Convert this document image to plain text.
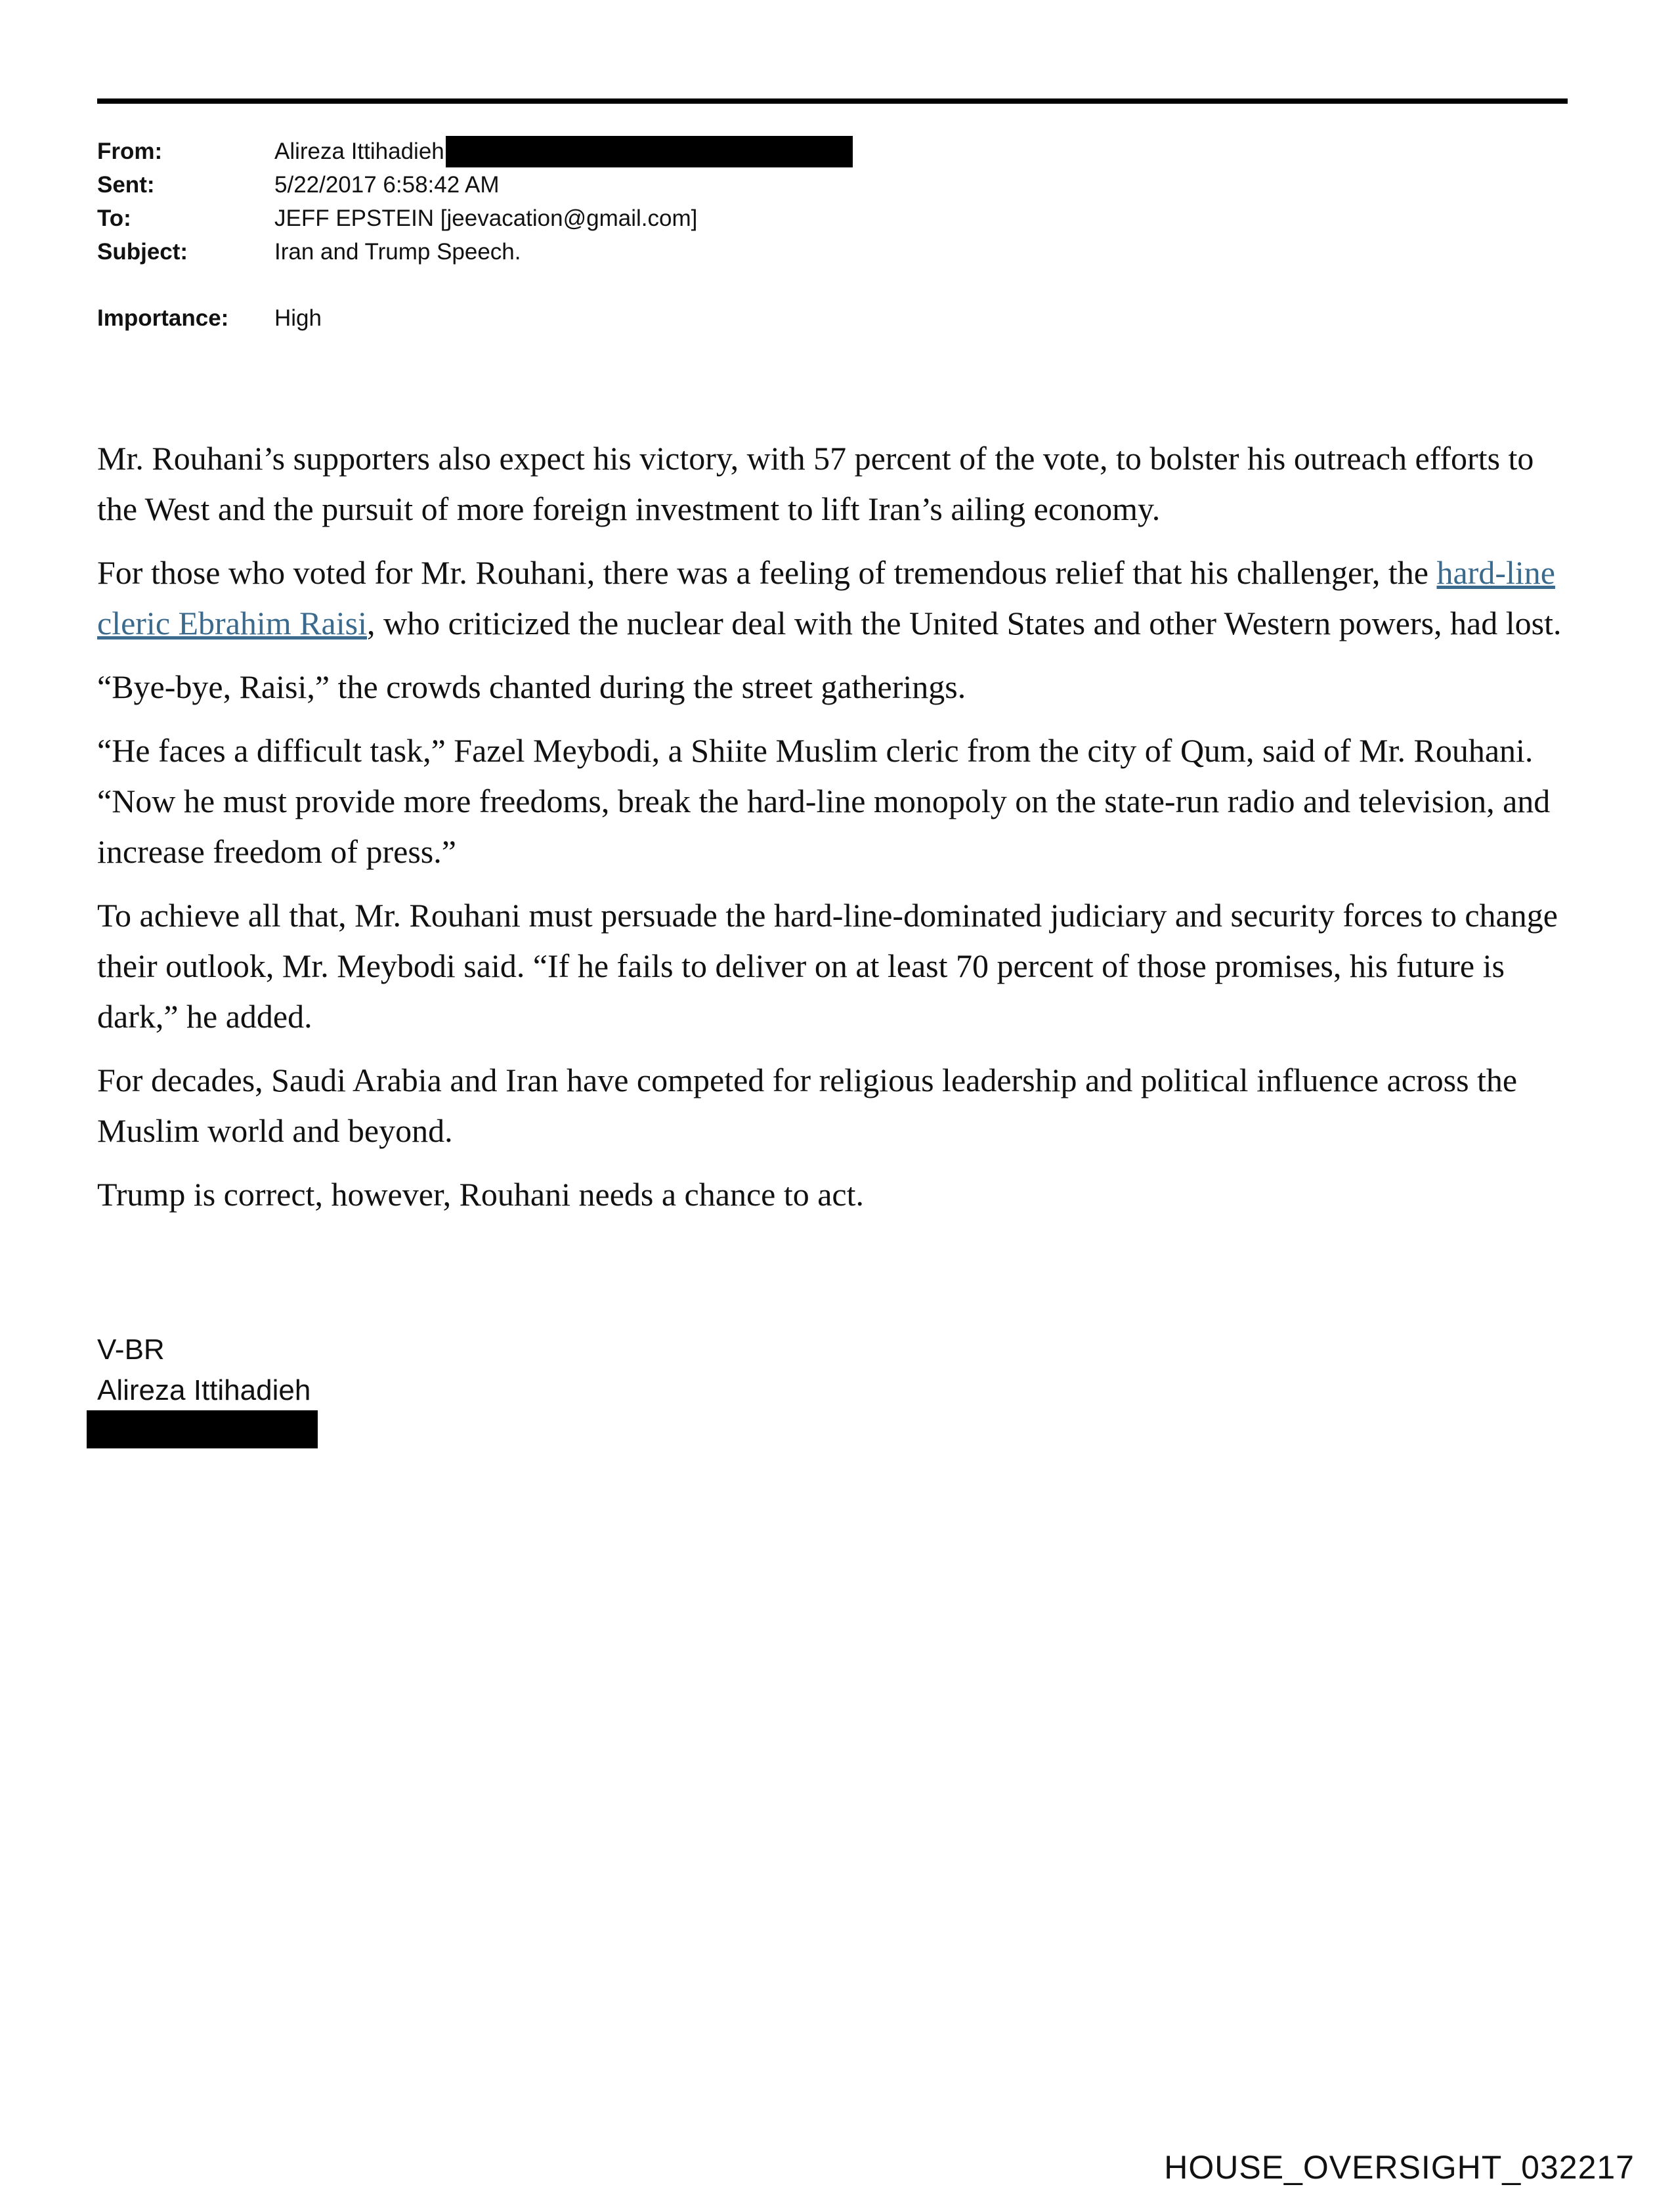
From:	Alireza Ittihadieh
Sent:	5/22/2017 6:58:42 AM
To:	JEFF EPSTEIN [jeevacation@gmail.com]
Subject:	Iran and Trump Speech.
Importance:	High

Mr. Rouhani’s supporters also expect his victory, with 57 percent of the vote, to bolster his outreach efforts to the West and the pursuit of more foreign investment to lift Iran’s ailing economy.

For those who voted for Mr. Rouhani, there was a feeling of tremendous relief that his challenger, the hard-line cleric Ebrahim Raisi, who criticized the nuclear deal with the United States and other Western powers, had lost.

“Bye-bye, Raisi,” the crowds chanted during the street gatherings.

“He faces a difficult task,” Fazel Meybodi, a Shiite Muslim cleric from the city of Qum, said of Mr. Rouhani. “Now he must provide more freedoms, break the hard-line monopoly on the state-run radio and television, and increase freedom of press.”

To achieve all that, Mr. Rouhani must persuade the hard-line-dominated judiciary and security forces to change their outlook, Mr. Meybodi said. “If he fails to deliver on at least 70 percent of those promises, his future is dark,” he added.

For decades, Saudi Arabia and Iran have competed for religious leadership and political influence across the Muslim world and beyond.

Trump is correct, however, Rouhani needs a chance to act.

V-BR
Alireza Ittihadieh
HOUSE_OVERSIGHT_032217
